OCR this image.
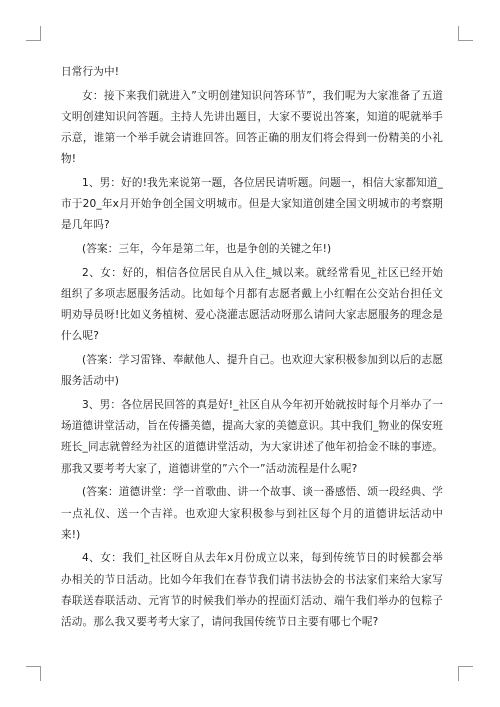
日常行为中!

女：接下来我们就进入”文明创建知识问答环节”，我们呢为大家准备了五道文明创建知识问答题。主持人先讲出题目，大家不要说出答案，知道的呢就举手示意，谁第一个举手就会请谁回答。回答正确的朋友们将会得到一份精美的小礼物!

1、男：好的!我先来说第一题，各位居民请听题。问题一，相信大家都知道_市于20_年x月开始争创全国文明城市。但是大家知道创建全国文明城市的考察期是几年吗?

(答案：三年，今年是第二年，也是争创的关键之年!)

2、女：好的，相信各位居民自从入住_城以来。就经常看见_社区已经开始组织了多项志愿服务活动。比如每个月都有志愿者戴上小红帽在公交站台担任文明劝导员呀!比如义务植树、爱心浇灌志愿活动呀那么请问大家志愿服务的理念是什么呢?

(答案：学习雷锋、奉献他人、提升自己。也欢迎大家积极参加到以后的志愿服务活动中)

3、男：各位居民回答的真是好!_社区自从今年初开始就按时每个月举办了一场道德讲堂活动，旨在传播美德，提高大家的美德意识。其中我们_物业的保安班班长_同志就曾经为社区的道德讲堂活动，为大家讲述了他年初拾金不昧的事迹。那我又要考考大家了，道德讲堂的”六个一”活动流程是什么呢?

(答案：道德讲堂：学一首歌曲、讲一个故事、谈一番感悟、颂一段经典、学一点礼仪、送一个吉祥。也欢迎大家积极参与到社区每个月的道德讲坛活动中来!)

4、女：我们_社区呀自从去年x月份成立以来，每到传统节日的时候都会举办相关的节日活动。比如今年我们在春节我们请书法协会的书法家们来给大家写春联送春联活动、元宵节的时候我们举办的捏面灯活动、端午我们举办的包粽子活动。那么我又要考考大家了，请问我国传统节日主要有哪七个呢?
